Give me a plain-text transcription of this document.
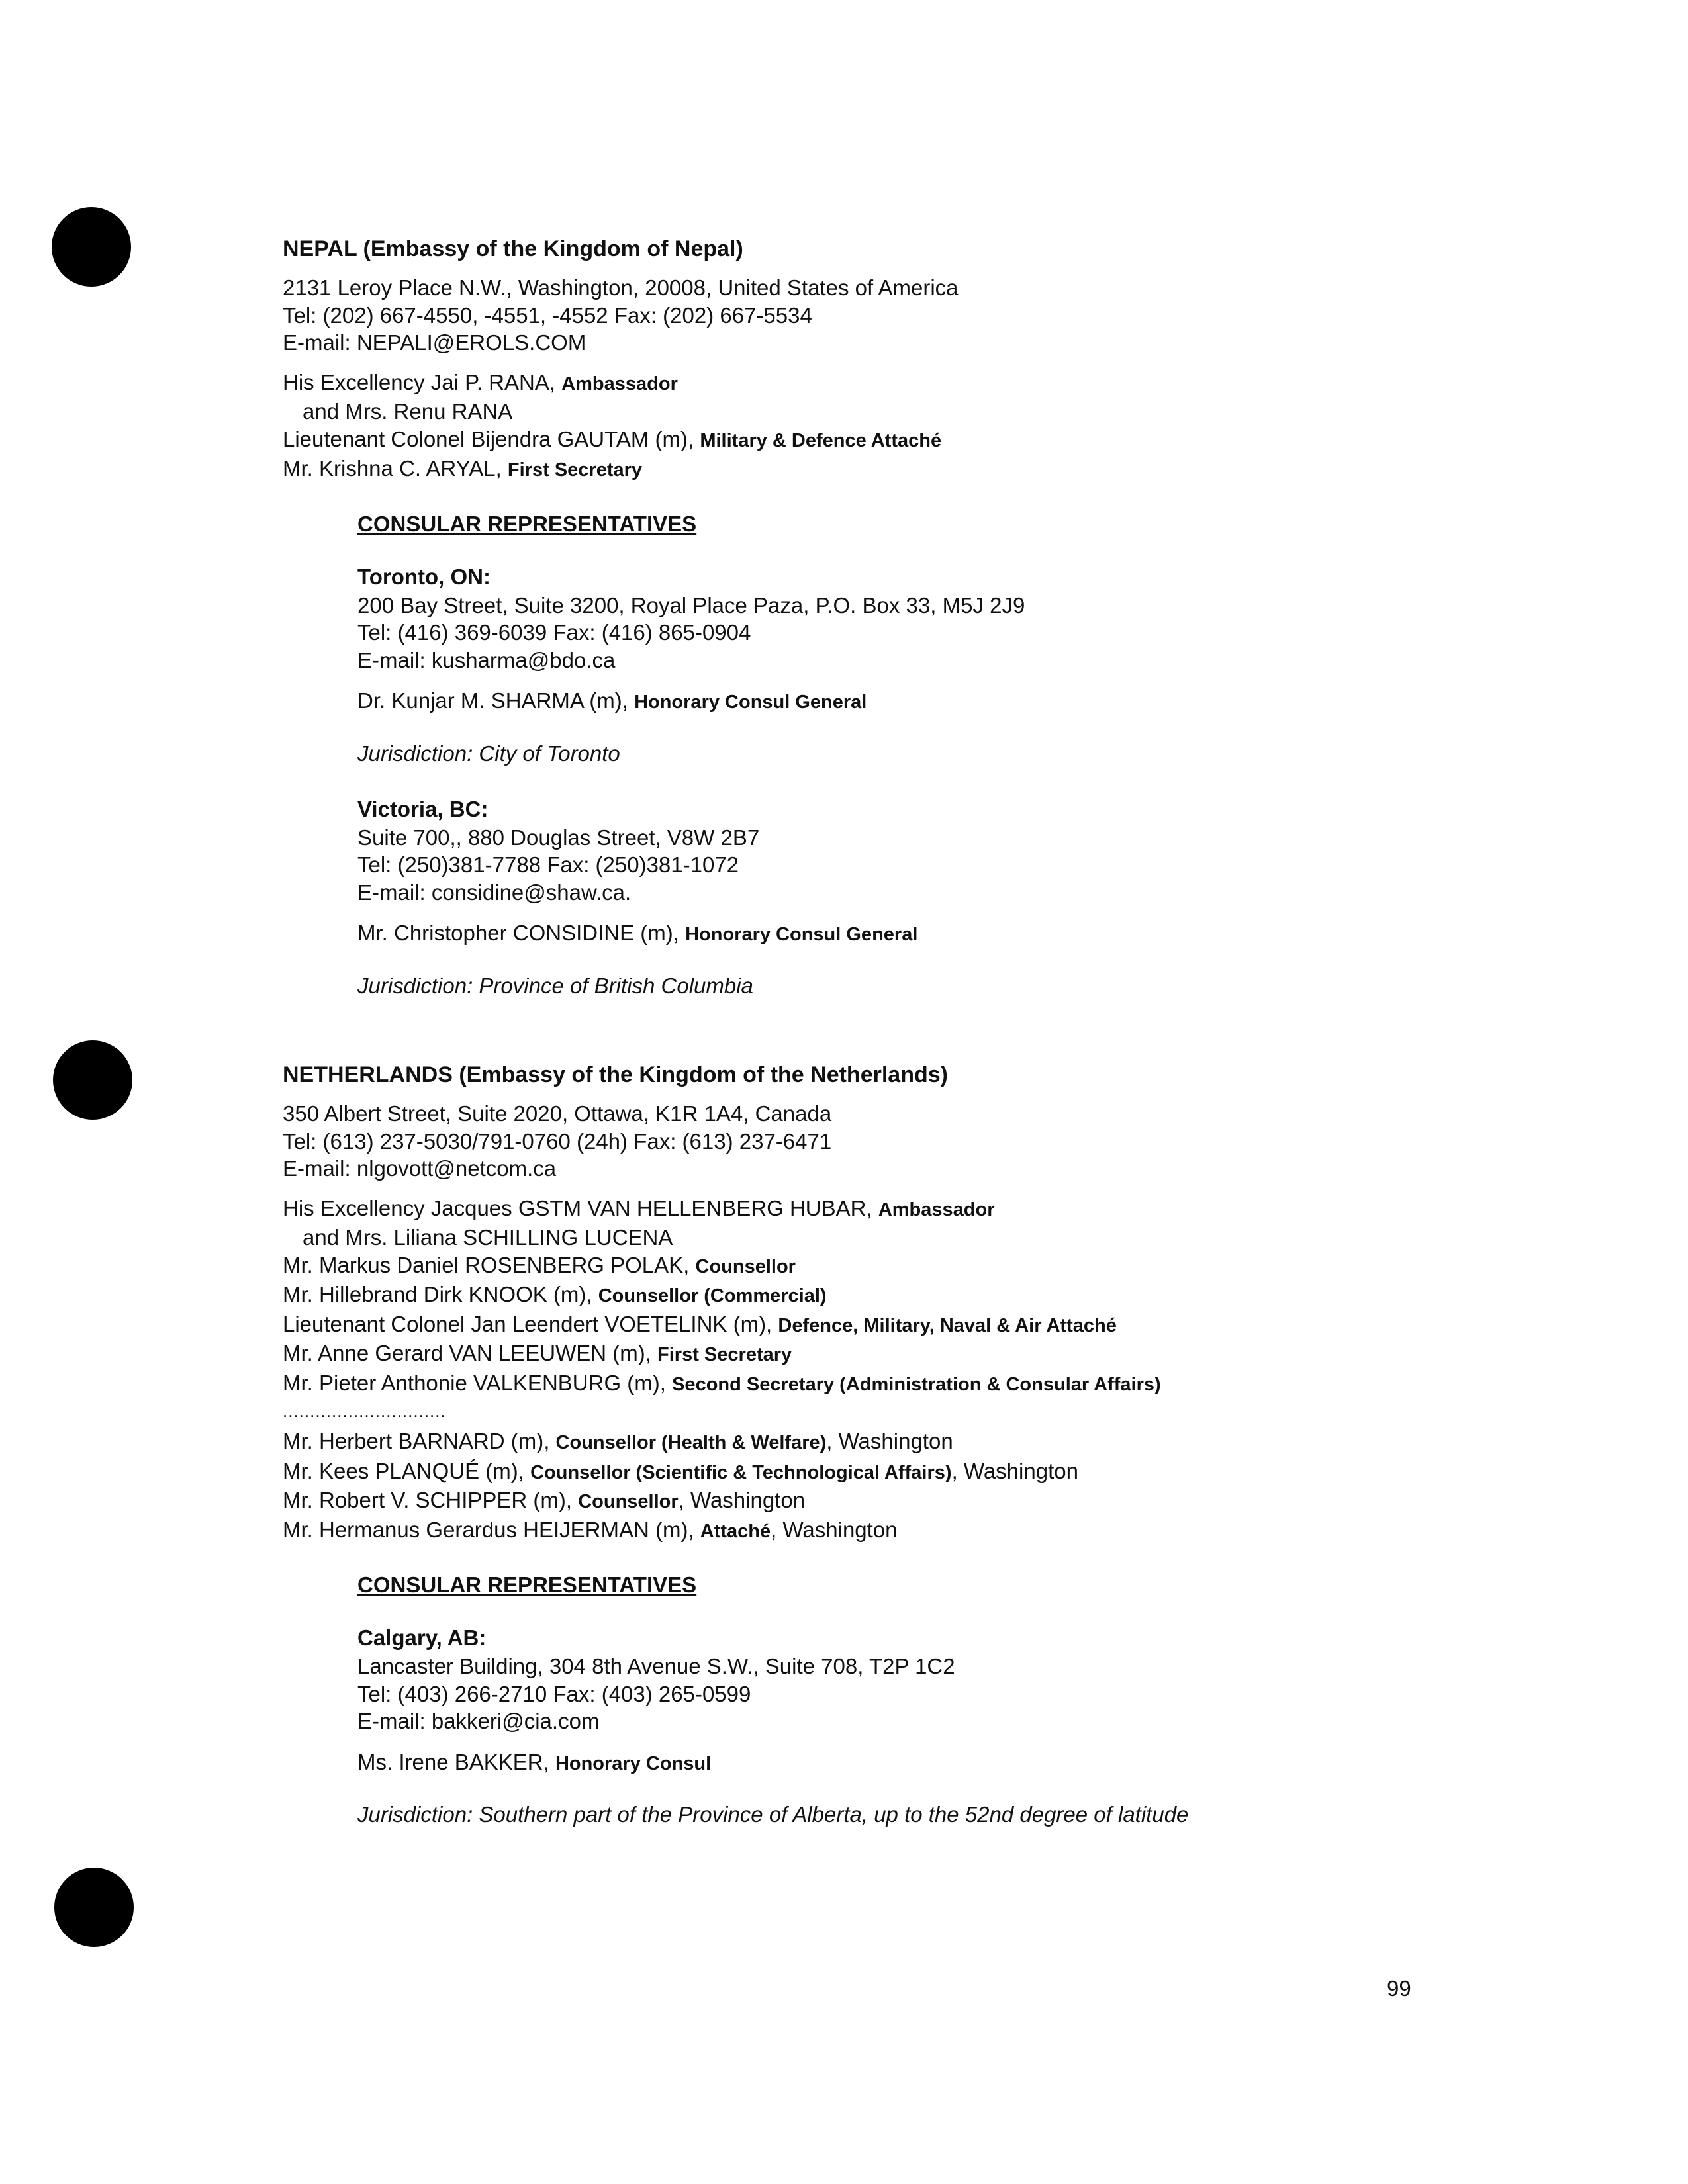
NEPAL (Embassy of the Kingdom of Nepal)

2131 Leroy Place N.W., Washington, 20008, United States of America

Tel: (202) 667-4550, -4551, -4552 Fax: (202) 667-5534

E-mail: NEPALI@EROLS.COM

His Excellency Jai P. RANA, Ambassador

and Mrs. Renu RANA

Lieutenant Colonel Bijendra GAUTAM (m), Military & Defence Attaché

Mr. Krishna C. ARYAL, First Secretary

CONSULAR REPRESENTATIVES

Toronto, ON:

200 Bay Street, Suite 3200, Royal Place Paza, P.O. Box 33, M5J 2J9

Tel: (416) 369-6039 Fax: (416) 865-0904

E-mail: kusharma@bdo.ca

Dr. Kunjar M. SHARMA (m), Honorary Consul General

Jurisdiction: City of Toronto

Victoria, BC:

Suite 700,, 880 Douglas Street, V8W 2B7

Tel: (250)381-7788 Fax: (250)381-1072

E-mail: considine@shaw.ca.

Mr. Christopher CONSIDINE (m), Honorary Consul General

Jurisdiction: Province of British Columbia

NETHERLANDS (Embassy of the Kingdom of the Netherlands)

350 Albert Street, Suite 2020, Ottawa, K1R 1A4, Canada

Tel: (613) 237-5030/791-0760 (24h) Fax: (613) 237-6471

E-mail: nlgovott@netcom.ca

His Excellency Jacques GSTM VAN HELLENBERG HUBAR, Ambassador

and Mrs. Liliana SCHILLING LUCENA

Mr. Markus Daniel ROSENBERG POLAK, Counsellor

Mr. Hillebrand Dirk KNOOK (m), Counsellor (Commercial)

Lieutenant Colonel Jan Leendert VOETELINK (m), Defence, Military, Naval & Air Attaché

Mr. Anne Gerard VAN LEEUWEN (m), First Secretary

Mr. Pieter Anthonie VALKENBURG (m), Second Secretary (Administration & Consular Affairs)

..............................

Mr. Herbert BARNARD (m), Counsellor (Health & Welfare), Washington

Mr. Kees PLANQUÉ (m), Counsellor (Scientific & Technological Affairs), Washington

Mr. Robert V. SCHIPPER (m), Counsellor, Washington

Mr. Hermanus Gerardus HEIJERMAN (m), Attaché, Washington

CONSULAR REPRESENTATIVES

Calgary, AB:

Lancaster Building, 304 8th Avenue S.W., Suite 708, T2P 1C2

Tel: (403) 266-2710 Fax: (403) 265-0599

E-mail: bakkeri@cia.com

Ms. Irene BAKKER, Honorary Consul

Jurisdiction: Southern part of the Province of Alberta, up to the 52nd degree of latitude

99
